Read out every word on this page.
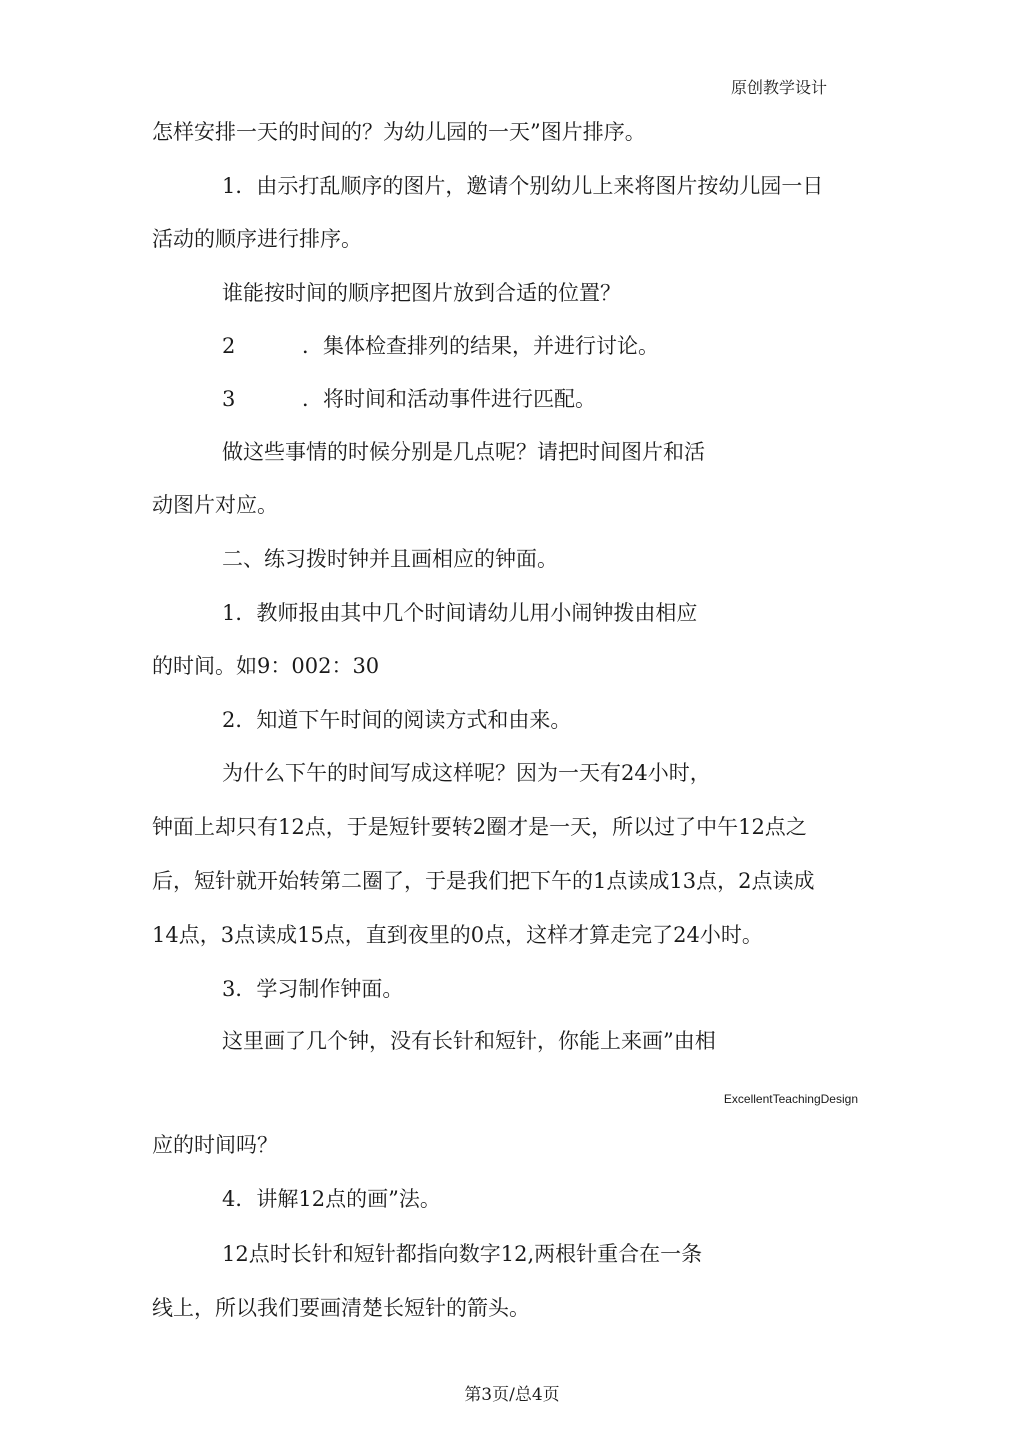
原创教学设计
怎样安排一天的时间的？为幼儿园的一天”图片排序。
1．由示打乱顺序的图片，邀请个别幼儿上来将图片按幼儿园一日
活动的顺序进行排序。
谁能按时间的顺序把图片放到合适的位置？
2	．集体检查排列的结果，并进行讨论。
3	．将时间和活动事件进行匹配。
做这些事情的时候分别是几点呢？请把时间图片和活
动图片对应。
二、练习拨时钟并且画相应的钟面。
1．教师报由其中几个时间请幼儿用小闹钟拨由相应
的时间。如9：002：30
2．知道下午时间的阅读方式和由来。
为什么下午的时间写成这样呢？因为一天有24小时，
钟面上却只有12点，于是短针要转2圈才是一天，所以过了中午12点之
后，短针就开始转第二圈了，于是我们把下午的1点读成13点，2点读成
14点，3点读成15点，直到夜里的0点，这样才算走完了24小时。
3．学习制作钟面。
这里画了几个钟，没有长针和短针，你能上来画”由相
ExcellentTeachingDesign
应的时间吗？
4．讲解12点的画”法。
12点时长针和短针都指向数字12,两根针重合在一条
线上，所以我们要画清楚长短针的箭头。
第3页/总4页
